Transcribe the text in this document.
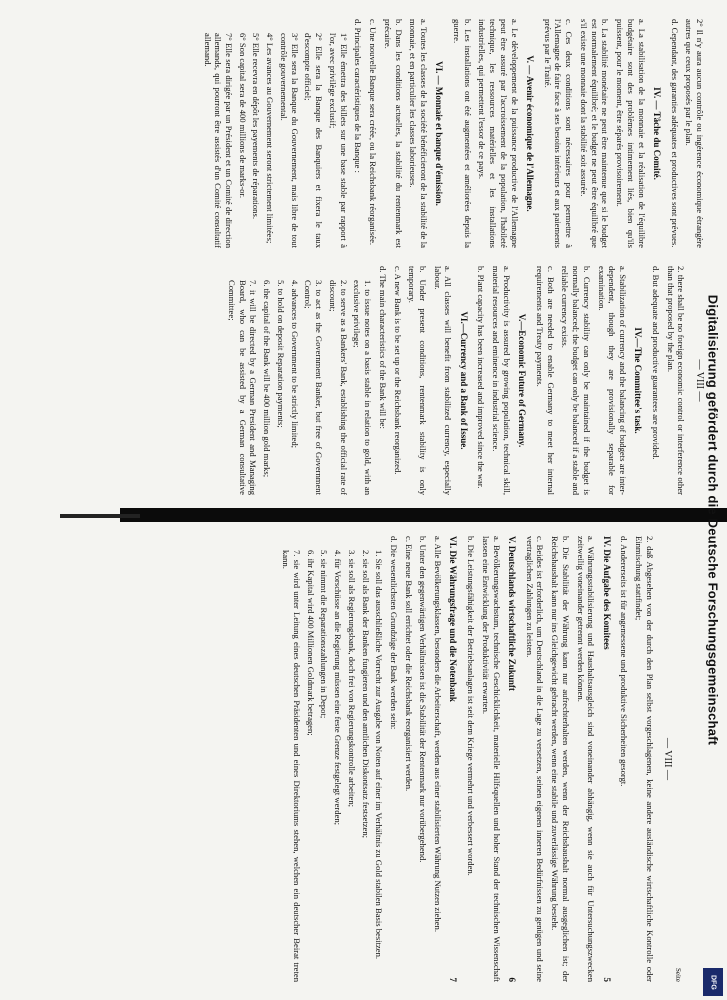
2° Il n'y aura aucun contrôle ou ingérence économique étrangère autres que ceux proposés par le plan.

d. Cependant, des garanties adéquates et productives sont prévues.

IV. — Tâche du Comité.

a. La stabilisation de la monnaie et la réalisation de l'équilibre budgétaire sont des problèmes intimement liés, bien qu'ils puissent, pour le moment, être séparés provisoirement.

b. La stabilité monétaire ne peut être maintenue que si le budget est normalement équilibré; et le budget ne peut être équilibré que s'il existe une monnaie dont la stabilité soit assurée.

c. Ces deux conditions sont nécessaires pour permettre à l'Allemagne de faire face à ses besoins intérieurs et aux paiements prévus par le Traité.

V. — Avenir économique de l'Allemagne.

a. Le développement de la puissance productive de l'Allemagne peut être assuré par l'accroissement de la population, l'habileté technique, les ressources matérielles et les installations industrielles, qui permettent l'essor de ce pays.

b. Les installations ont été augmentées et améliorées depuis la guerre.

VI. — Monnaie et banque d'émission.

a. Toutes les classes de la société bénéficieront de la stabilité de la monnaie, et en particulier les classes laborieuses.

b. Dans les conditions actuelles, la stabilité du rentenmark est précaire.

c. Une nouvelle Banque sera créée, ou la Reichsbank réorganisée.

d. Principales caractéristiques de la Banque :

1° Elle émettra des billets sur une base stable par rapport à l'or, avec privilège exclusif;

2° Elle sera la Banque des Banquiers et fixera le taux d'escompte officiel;

3° Elle sera la Banque du Gouvernement, mais libre de tout contrôle gouvernemental.

4° Les avances au Gouvernement seront strictement limitées;

5° Elle recevra en dépôt les payements de réparations.

6° Son capital sera de 400 millions de marks-or.

7° Elle sera dirigée par un Président et un Comité de direction allemands, qui pourront être assistés d'un Comité consultatif allemand.

— VIII —

2. there shall be no foreign economic control or interference other than that proposed by the plan.

d. But adequate and productive guarantees are provided.

IV.—The Committee's task.

a. Stabilization of currency and the balancing of budgets are inter-dependent, though they are provisionally separable for examination.

b. Currency stability can only be maintained if the budget is normally balanced; the budget can only be balanced if a stable and reliable currency exists.

c. Both are needed to enable Germany to meet her internal requirements and Treaty payments.

V.—Economic Future of Germany.

a. Productivity is assured by growing population, technical skill, material resources and eminence in industrial science.

b. Plant capacity has been increased and improved since the war.

VI.—Currency and a Bank of Issue.

a. All classes will benefit from stabilized currency, especially labour.

b. Under present conditions, rentenmark stability is only temporary.

c. A new Bank is to be set up or the Reichsbank reorganized.

d. The main characteristics of the Bank will be:

1. to issue notes on a basis stable in relation to gold, with an exclusive privilege;

2. to serve as a Bankers' Bank, establishing the official rate of discount;

3. to act as the Government Banker, but free of Government Control;

4. advances to Government to be strictly limited;

5. to hold on deposit Reparation payments;

6. the capital of the Bank will be 400 million gold marks;

7. it will be directed by a German President and Managing Board, who can be assisted by a German consultative Committee;

Seite
— VIII —

2. daß Abgesehen von der durch den Plan selbst vorgeschlagenen, keine andere ausländische wirtschaftliche Kontrolle oder Einmischung stattfindet;

d. Andererseits ist für angemessene und produktive Sicherheiten gesorgt.

IV. Die Aufgabe des Komitees
5

a. Währungsstabilisierung und Haushaltsausgleich sind voneinander abhängig, wenn sie auch für Untersuchungszwecken zeitweilig voneinander getrennt werden können.

b. Die Stabilität der Währung kann nur aufrechterhalten werden, wenn der Reichshaushalt normal ausgeglichen ist; der Reichshaushalt kann nur ins Gleichgewicht gebracht werden, wenn eine stabile und zuverlässige Währung besteht.

c. Beides ist erforderlich, um Deutschland in die Lage zu versetzen, seinen eigenen inneren Bedürfnissen zu genügen und seine vertraglichen Zahlungen zu leisten.

V. Deutschlands wirtschaftliche Zukunft
6

a. Bevölkerungswachstum, technische Geschicklichkeit, materielle Hilfsquellen und hoher Stand der technischen Wissenschaft lassen eine Entwicklung der Produktivität erwarten.

b. Die Leistungsfähigkeit der Betriebsanlagen ist seit dem Kriege vermehrt und verbessert worden.

VI. Die Währungsfrage und die Notenbank
7

a. Alle Bevölkerungsklassen, besonders die Arbeiterschaft, werden aus einer stabilisierten Währung Nutzen ziehen.

b. Unter den gegenwärtigen Verhältnissen ist die Stabilität der Rentenmark nur vorübergehend.

c. Eine neue Bank soll errichtet oder die Reichsbank reorganisiert werden.

d. Die wesentlichsten Grundzüge der Bank werden sein:

1. Sie soll das ausschließliche Vorrecht zur Ausgabe von Noten auf einer im Verhältnis zu Gold stabilen Basis besitzen.

2. sie soll als Bank der Banken fungieren und den amtlichen Diskontsatz festsetzen;

3. sie soll als Regierungsbank, doch frei von Regierungskontrolle arbeiten;

4. für Vorschüsse an die Regierung müssen eine feste Grenze festgelegt werden;

5. sie nimmt die Reparationszahlungen in Depot;

6. ihr Kapital wird 400 Millionen Goldmark betragen;

7. sie wird unter Leitung eines deutschen Präsidenten und eines Direktoriums stehen, welchen ein deutscher Beirat treten kann.	Digitalisierung gefördert durch die Deutsche Forschungsgemeinschaft
DFG
